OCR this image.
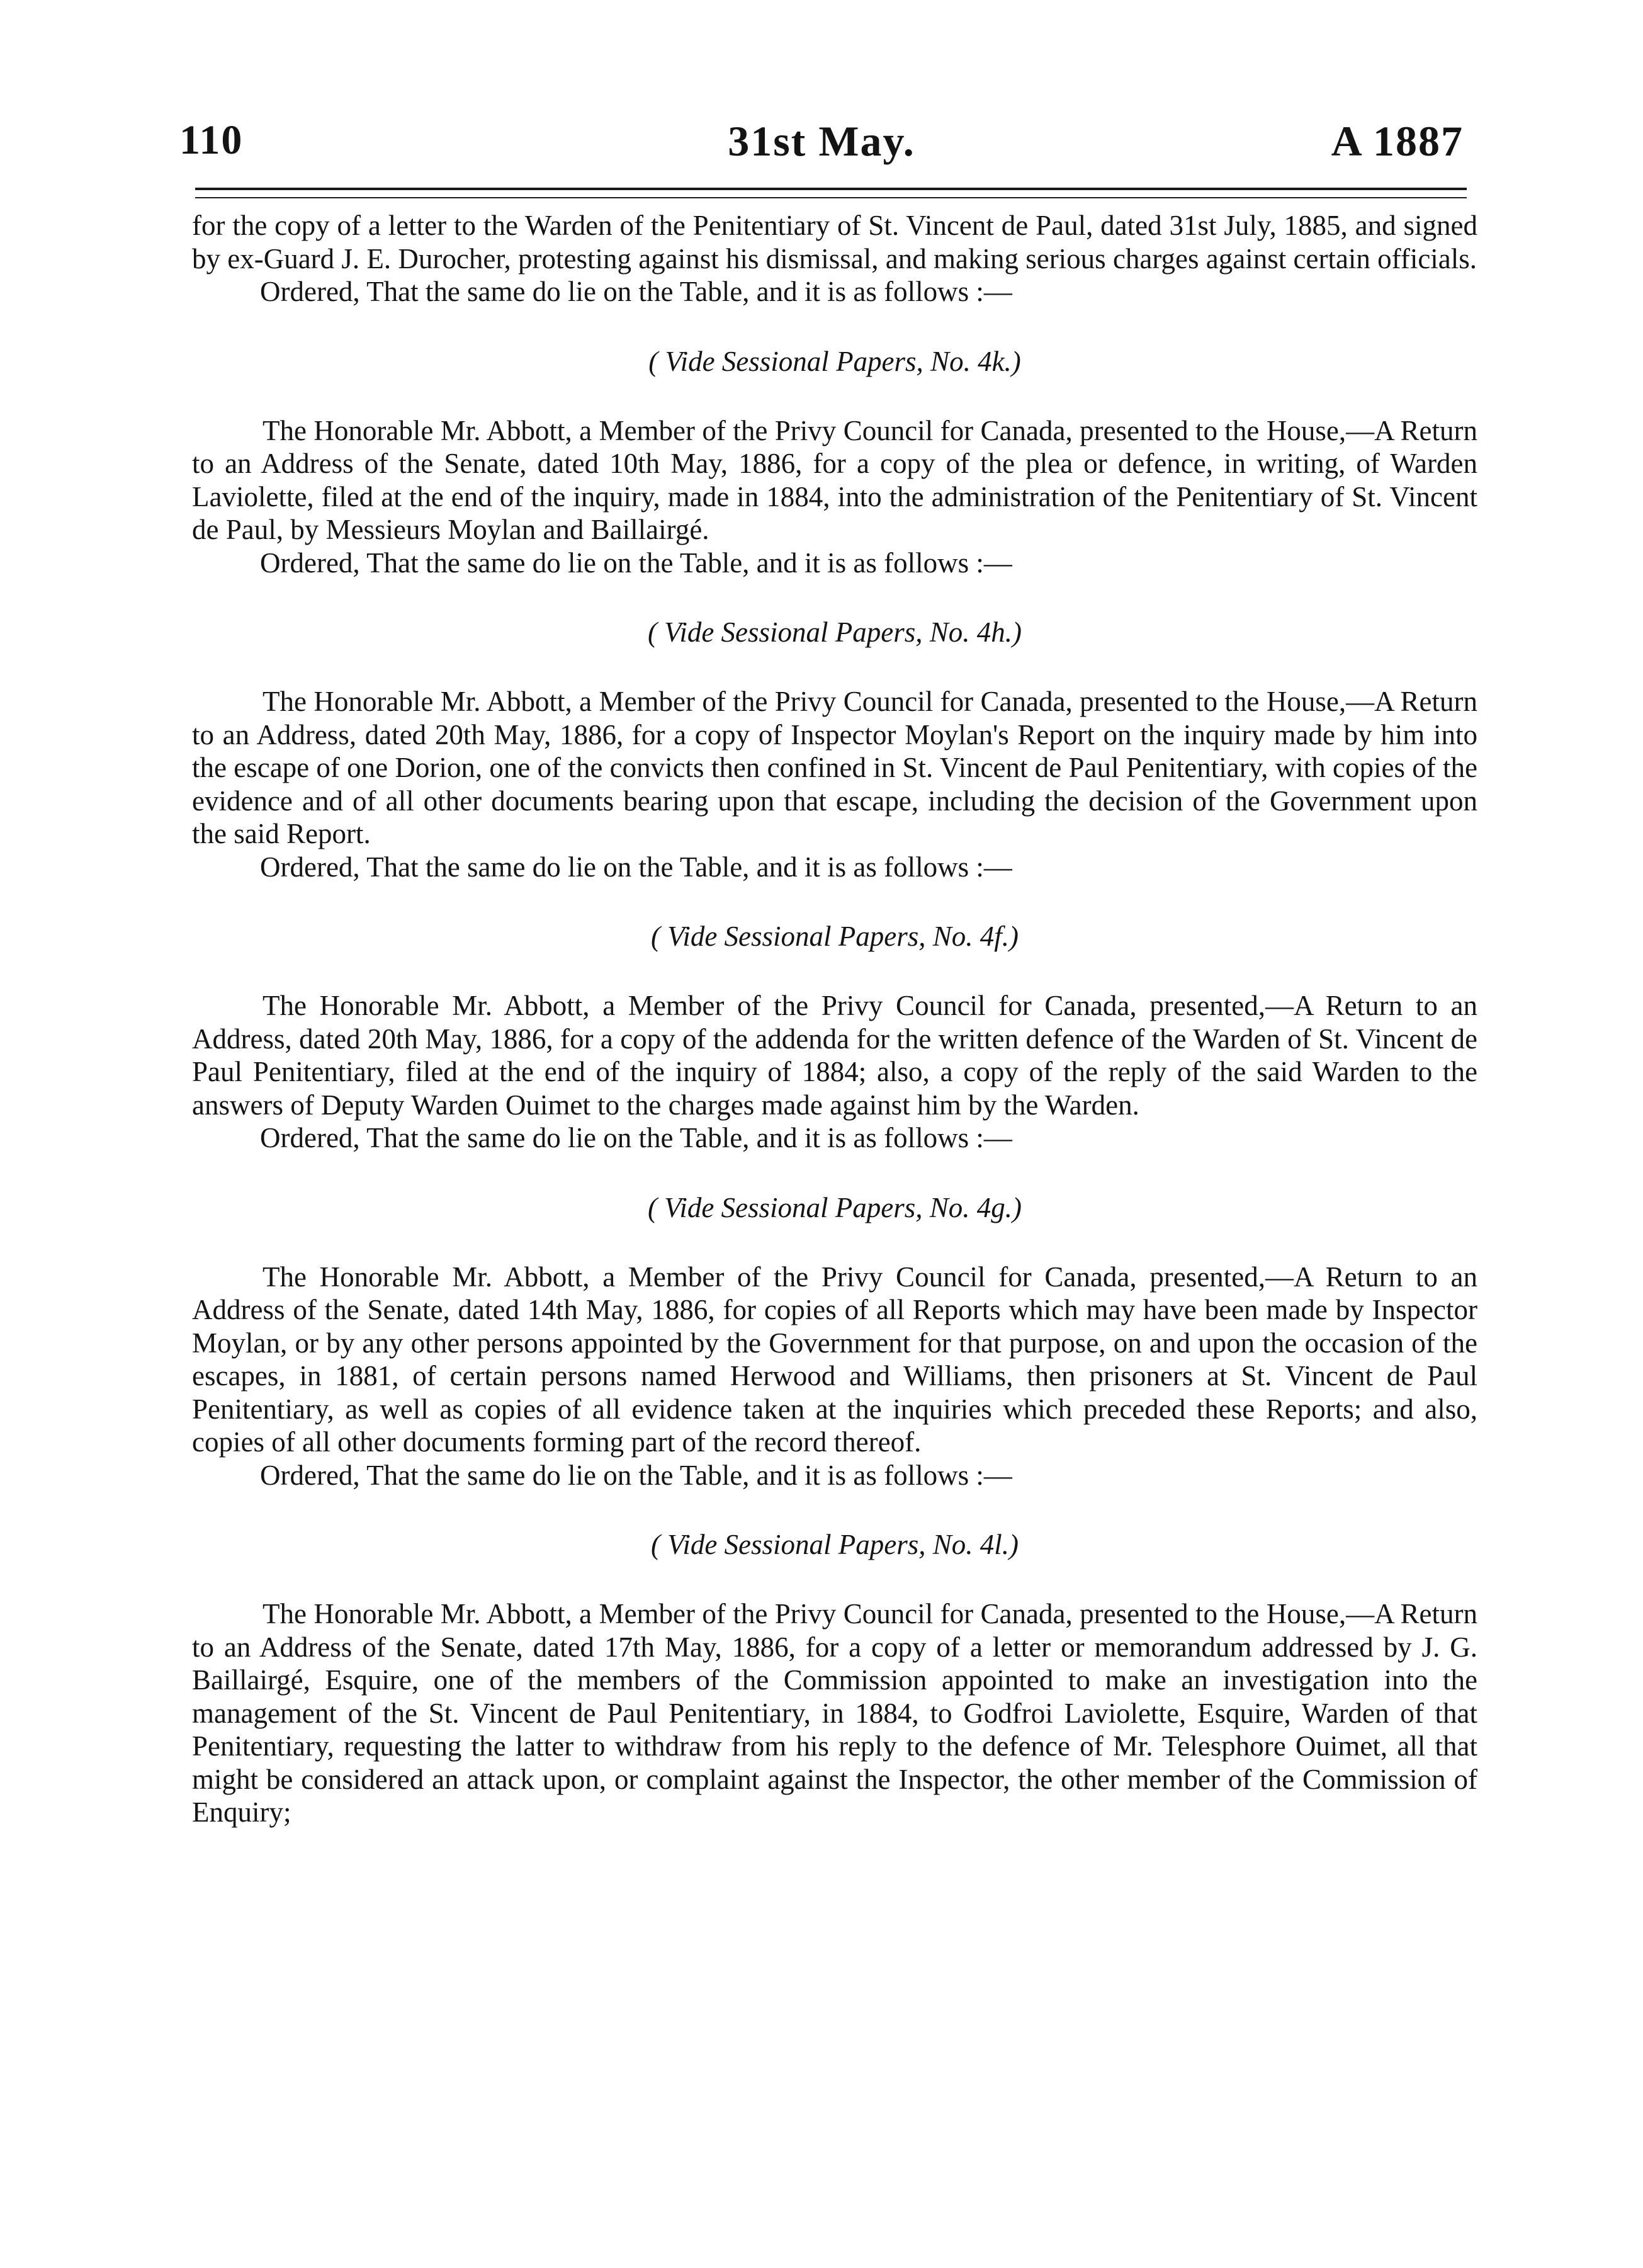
110	31st May.	A 1887

for the copy of a letter to the Warden of the Penitentiary of St. Vincent de Paul, dated 31st July, 1885, and signed by ex-Guard J. E. Durocher, protesting against his dismissal, and making serious charges against certain officials.

Ordered, That the same do lie on the Table, and it is as follows :—

( Vide Sessional Papers, No. 4k.)

The Honorable Mr. Abbott, a Member of the Privy Council for Canada, presented to the House,—A Return to an Address of the Senate, dated 10th May, 1886, for a copy of the plea or defence, in writing, of Warden Laviolette, filed at the end of the inquiry, made in 1884, into the administration of the Penitentiary of St. Vincent de Paul, by Messieurs Moylan and Baillairgé.

Ordered, That the same do lie on the Table, and it is as follows :—

( Vide Sessional Papers, No. 4h.)

The Honorable Mr. Abbott, a Member of the Privy Council for Canada, presented to the House,—A Return to an Address, dated 20th May, 1886, for a copy of Inspector Moylan's Report on the inquiry made by him into the escape of one Dorion, one of the convicts then confined in St. Vincent de Paul Penitentiary, with copies of the evidence and of all other documents bearing upon that escape, including the decision of the Government upon the said Report.

Ordered, That the same do lie on the Table, and it is as follows :—

( Vide Sessional Papers, No. 4f.)

The Honorable Mr. Abbott, a Member of the Privy Council for Canada, presented,—A Return to an Address, dated 20th May, 1886, for a copy of the addenda for the written defence of the Warden of St. Vincent de Paul Penitentiary, filed at the end of the inquiry of 1884; also, a copy of the reply of the said Warden to the answers of Deputy Warden Ouimet to the charges made against him by the Warden.

Ordered, That the same do lie on the Table, and it is as follows :—

( Vide Sessional Papers, No. 4g.)

The Honorable Mr. Abbott, a Member of the Privy Council for Canada, presented,—A Return to an Address of the Senate, dated 14th May, 1886, for copies of all Reports which may have been made by Inspector Moylan, or by any other persons appointed by the Government for that purpose, on and upon the occasion of the escapes, in 1881, of certain persons named Herwood and Williams, then prisoners at St. Vincent de Paul Penitentiary, as well as copies of all evidence taken at the inquiries which preceded these Reports; and also, copies of all other documents forming part of the record thereof.

Ordered, That the same do lie on the Table, and it is as follows :—

( Vide Sessional Papers, No. 4l.)

The Honorable Mr. Abbott, a Member of the Privy Council for Canada, presented to the House,—A Return to an Address of the Senate, dated 17th May, 1886, for a copy of a letter or memorandum addressed by J. G. Baillairgé, Esquire, one of the members of the Commission appointed to make an investigation into the management of the St. Vincent de Paul Penitentiary, in 1884, to Godfroi Laviolette, Esquire, Warden of that Penitentiary, requesting the latter to withdraw from his reply to the defence of Mr. Telesphore Ouimet, all that might be considered an attack upon, or complaint against the Inspector, the other member of the Commission of Enquiry;
